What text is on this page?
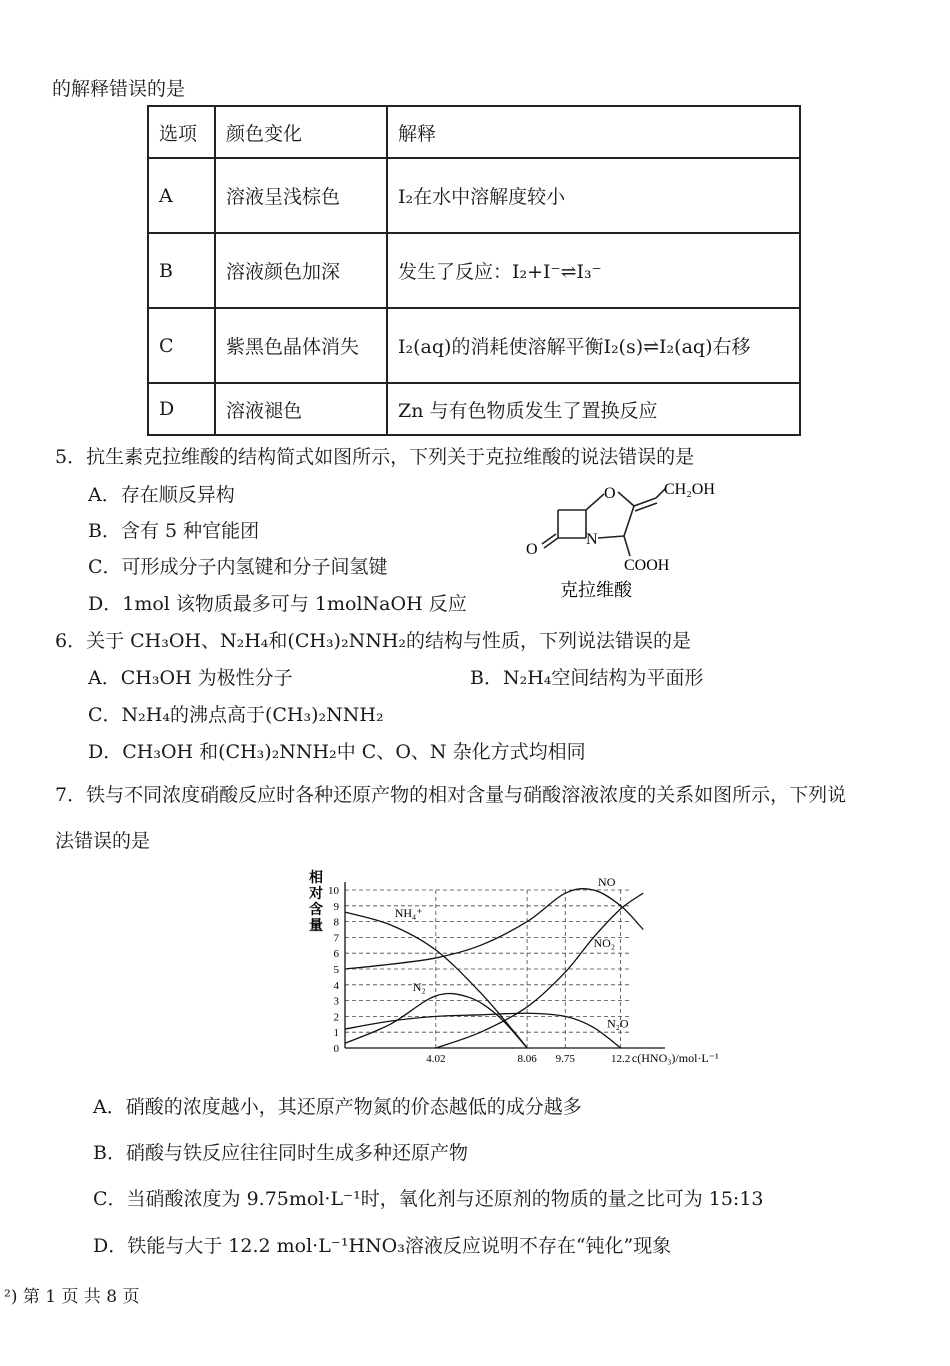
的解释错误的是
选项	颜色变化	解释
A	溶液呈浅棕色	I₂在水中溶解度较小
B	溶液颜色加深	发生了反应：I₂+I⁻⇌I₃⁻
C	紫黑色晶体消失	I₂(aq)的消耗使溶解平衡I₂(s)⇌I₂(aq)右移
D	溶液褪色	Zn 与有色物质发生了置换反应
5．抗生素克拉维酸的结构简式如图所示，下列关于克拉维酸的说法错误的是
A．存在顺反异构
B．含有 5 种官能团
C．可形成分子内氢键和分子间氢键
D．1mol 该物质最多可与 1molNaOH 反应
CH₂OH
O
N
O
COOH
克拉维酸
6．关于 CH₃OH、N₂H₄和(CH₃)₂NNH₂的结构与性质，下列说法错误的是
A．CH₃OH 为极性分子	B．N₂H₄空间结构为平面形
C．N₂H₄的沸点高于(CH₃)₂NNH₂
D．CH₃OH 和(CH₃)₂NNH₂中 C、O、N 杂化方式均相同
7．铁与不同浓度硝酸反应时各种还原产物的相对含量与硝酸溶液浓度的关系如图所示，下列说
法错误的是
0
1
2
3
4
5
6
7
8
9
10
4.02	8.06 9.75	12.2
NH₄⁺
NO
NO₂
N₂
N₂O
相对含量
c(HNO₃)/mol·L⁻¹
A．硝酸的浓度越小，其还原产物氮的价态越低的成分越多
B．硝酸与铁反应往往同时生成多种还原产物
C．当硝酸浓度为 9.75mol·L⁻¹时，氧化剂与还原剂的物质的量之比可为 15:13
D．铁能与大于 12.2 mol·L⁻¹HNO₃溶液反应说明不存在“钝化”现象
²) 第 1 页 共 8 页
